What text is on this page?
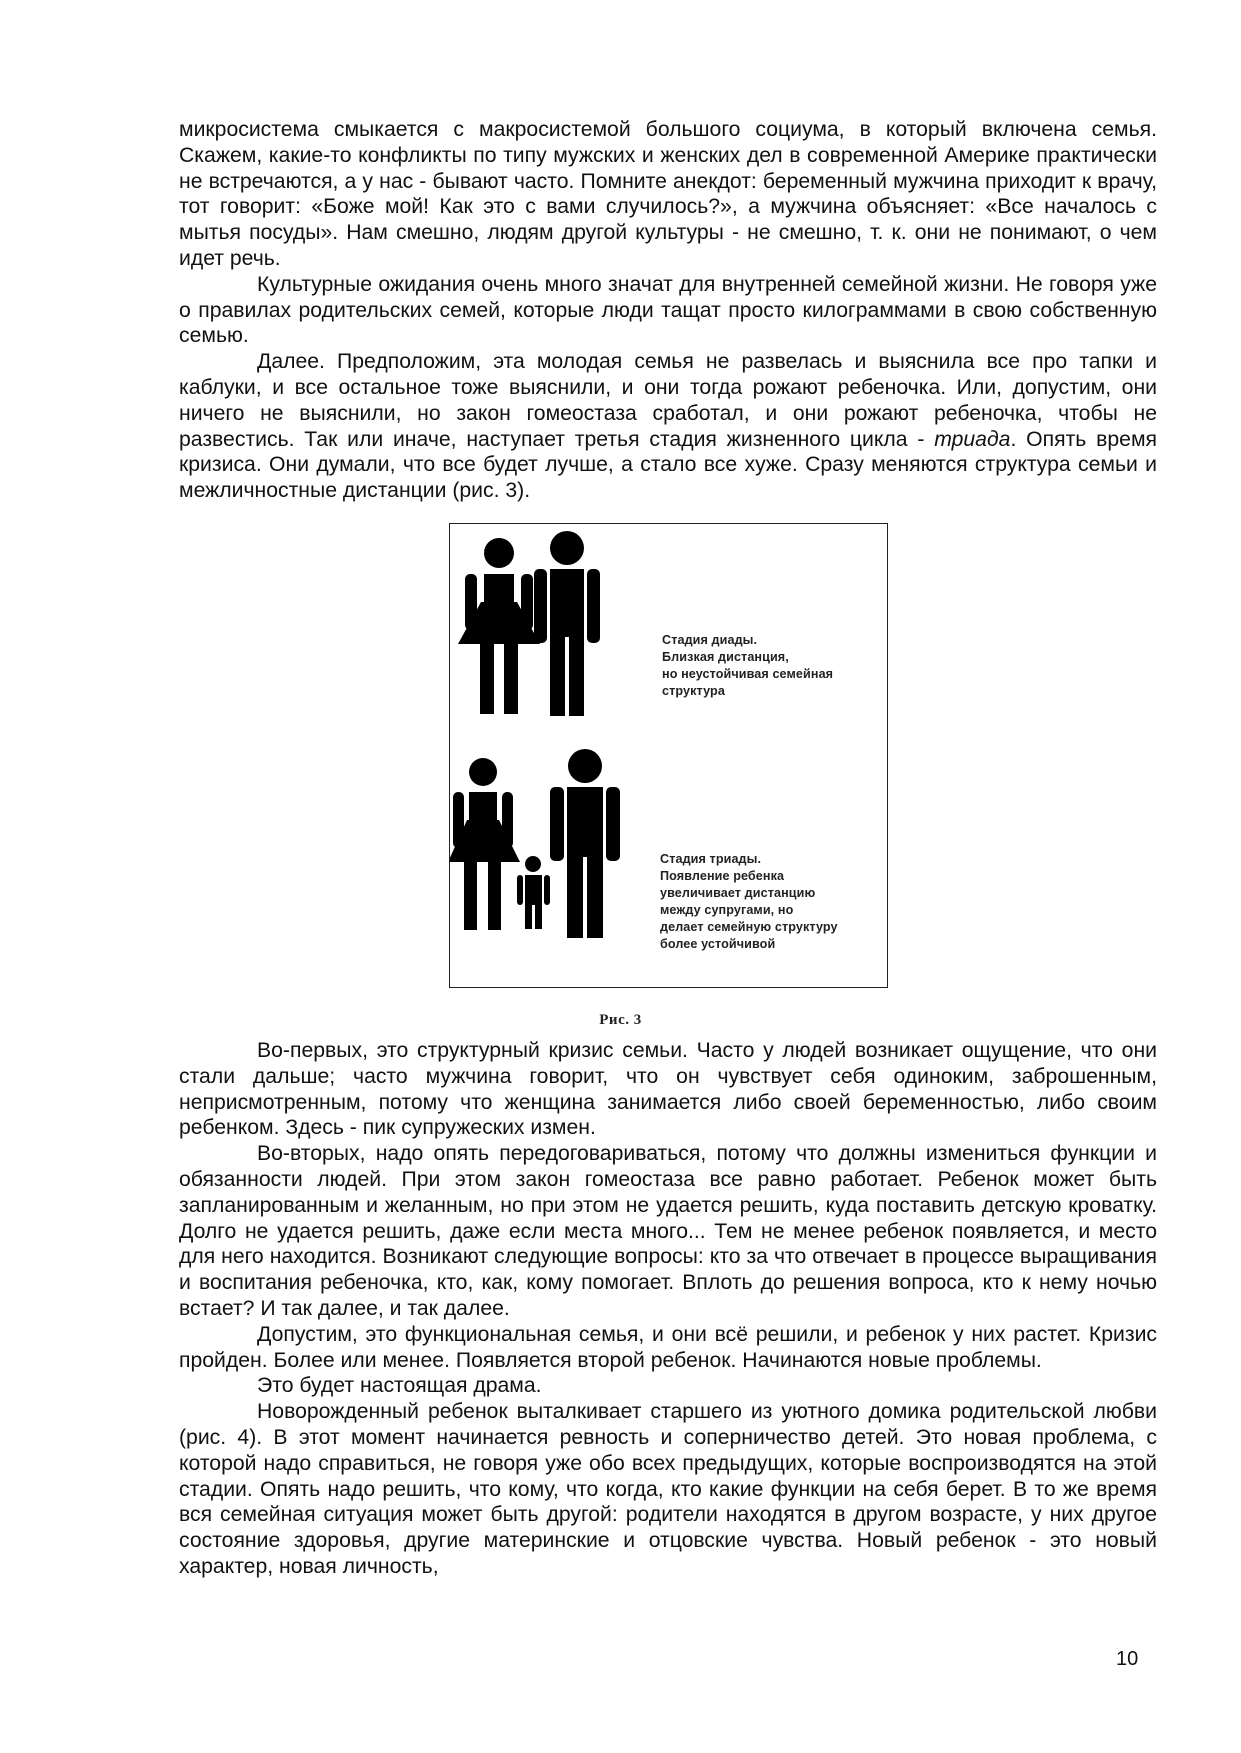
микросистема смыкается с макросистемой большого социума, в который включена семья. Скажем, какие-то конфликты по типу мужских и женских дел в современной Америке практически не встречаются, а у нас - бывают часто. Помните анекдот: беременный мужчина приходит к врачу, тот говорит: «Боже мой! Как это с вами случилось?», а мужчина объясняет: «Все началось с мытья посуды». Нам смешно, людям другой культуры - не смешно, т. к. они не понимают, о чем идет речь.

Культурные ожидания очень много значат для внутренней семейной жизни. Не говоря уже о правилах родительских семей, которые люди тащат просто килограммами в свою собственную семью.

Далее. Предположим, эта молодая семья не развелась и выяснила все про тапки и каблуки, и все остальное тоже выяснили, и они тогда рожают ребеночка. Или, допустим, они ничего не выяснили, но закон гомеостаза сработал, и они рожают ребеночка, чтобы не развестись. Так или иначе, наступает третья стадия жизненного цикла - триада. Опять время кризиса. Они думали, что все будет лучше, а стало все хуже. Сразу меняются структура семьи и межличностные дистанции (рис. 3).

Стадия диады.
Близкая дистанция,
но неустойчивая семейная
структура
Стадия триады.
Появление ребенка
увеличивает дистанцию
между супругами, но
делает семейную структуру
более устойчивой
Рис. 3

Во-первых, это структурный кризис семьи. Часто у людей возникает ощущение, что они стали дальше; часто мужчина говорит, что он чувствует себя одиноким, заброшенным, неприсмотренным, потому что женщина занимается либо своей беременностью, либо своим ребенком. Здесь - пик супружеских измен.

Во-вторых, надо опять передоговариваться, потому что должны измениться функции и обязанности людей. При этом закон гомеостаза все равно работает. Ребенок может быть запланированным и желанным, но при этом не удается решить, куда поставить детскую кроватку. Долго не удается решить, даже если места много... Тем не менее ребенок появляется, и место для него находится. Возникают следующие вопросы: кто за что отвечает в процессе выращивания и воспитания ребеночка, кто, как, кому помогает. Вплоть до решения вопроса, кто к нему ночью встает? И так далее, и так далее.

Допустим, это функциональная семья, и они всё решили, и ребенок у них растет. Кризис пройден. Более или менее. Появляется второй ребенок. Начинаются новые проблемы.

Это будет настоящая драма.

Новорожденный ребенок выталкивает старшего из уютного домика родительской любви (рис. 4). В этот момент начинается ревность и соперничество детей. Это новая проблема, с которой надо справиться, не говоря уже обо всех предыдущих, которые воспроизводятся на этой стадии. Опять надо решить, что кому, что когда, кто какие функции на себя берет. В то же время вся семейная ситуация может быть другой: родители находятся в другом возрасте, у них другое состояние здоровья, другие материнские и отцовские чувства. Новый ребенок - это новый характер, новая личность,

10
